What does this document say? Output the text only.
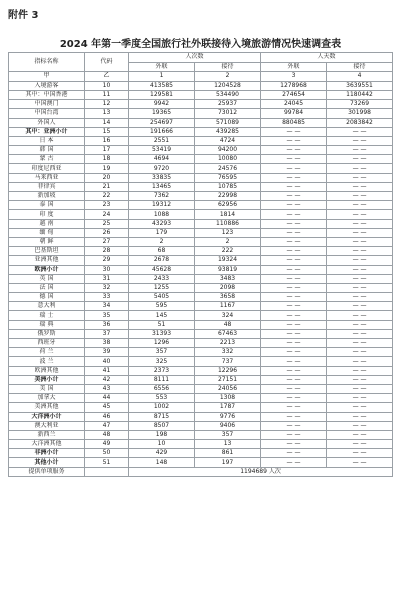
附件 3
2024 年第一季度全国旅行社外联接待入境旅游情况快速调查表
指标名称	代码	人次数		人天数	
		外联	接待	外联	接待
甲	乙	1	2	3	4
入境游客	10	413585	1204528	1278968	3639551
其中：中国香港	11	129581	534490	274654	1180442
中国澳门	12	9942	25937	24045	73269
中国台湾	13	19365	73012	99784	301998
外国人	14	254697	571089	880485	2083842
其中：亚洲小计	15	191666	439285	— —	— —
日 本	16	2551	4724	— —	— —
韩 国	17	53419	94200	— —	— —
蒙 古	18	4694	10080	— —	— —
印度尼西亚	19	9720	24576	— —	— —
马来西亚	20	33835	76595	— —	— —
菲律宾	21	13465	10785	— —	— —
新加坡	22	7362	22998	— —	— —
泰 国	23	19312	62956	— —	— —
印 度	24	1088	1814	— —	— —
越 南	25	43293	110886	— —	— —
缅 甸	26	179	123	— —	— —
朝 鲜	27	2	2	— —	— —
巴基斯坦	28	68	222	— —	— —
亚洲其他	29	2678	19324	— —	— —
欧洲小计	30	45628	93819	— —	— —
英 国	31	2433	3483	— —	— —
法 国	32	1255	2098	— —	— —
德 国	33	5405	3658	— —	— —
意大利	34	595	1167	— —	— —
瑞 士	35	145	324	— —	— —
瑞 典	36	51	48	— —	— —
俄罗斯	37	31393	67463	— —	— —
西班牙	38	1296	2213	— —	— —
荷 兰	39	357	332	— —	— —
波 兰	40	325	737	— —	— —
欧洲其他	41	2373	12296	— —	— —
美洲小计	42	8111	27151	— —	— —
美 国	43	6556	24056	— —	— —
加拿大	44	553	1308	— —	— —
美洲其他	45	1002	1787	— —	— —
大洋洲小计	46	8715	9776	— —	— —
澳大利亚	47	8507	9406	— —	— —
新西兰	48	198	357	— —	— —
大洋洲其他	49	10	13	— —	— —
非洲小计	50	429	861	— —	— —
其他小计	51	148	197	— —	— —
提供单项服务		1194689 人次			
